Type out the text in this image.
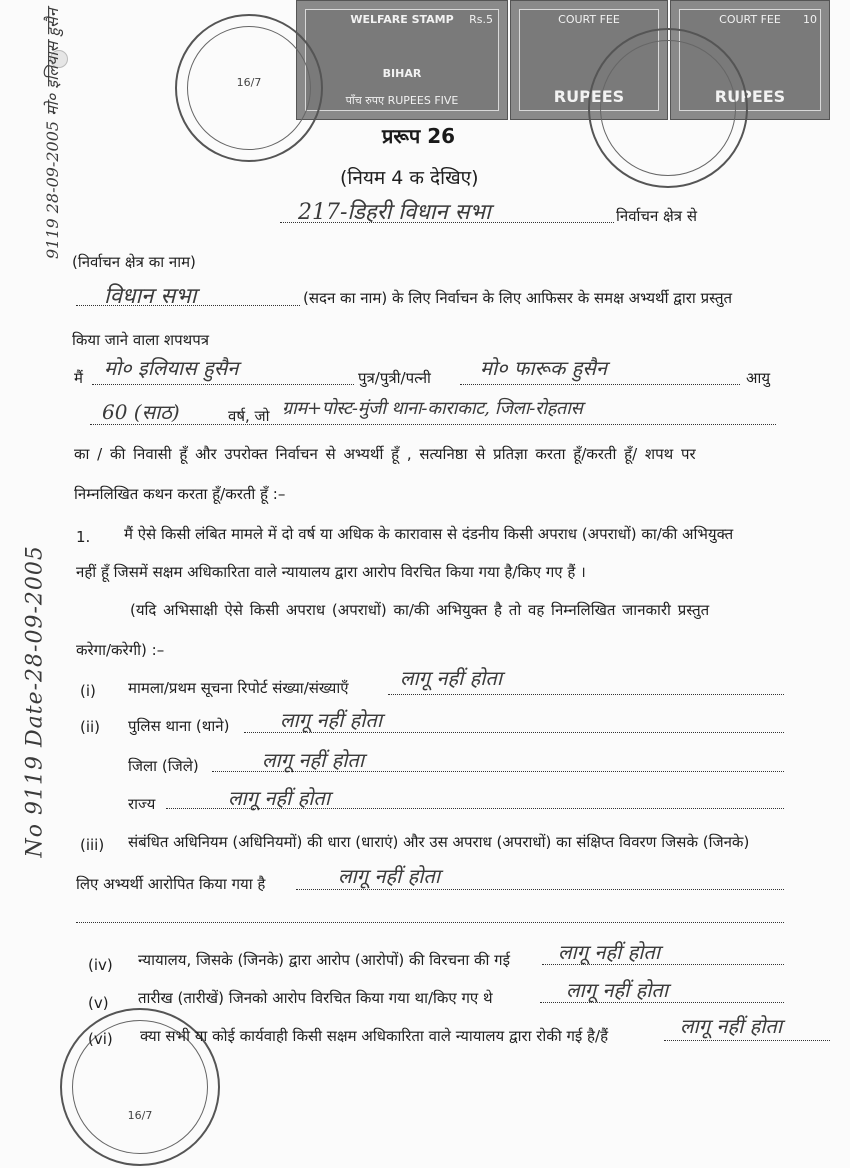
WELFARE STAMP	Rs.5
BIHAR
पाँच रुपए RUPEES FIVE
COURT FEE
RUPEES
COURT FEE	10
RUPEES
16/7
16/7
9119 28-09-2005 मो० इलियास हुसैन
No 9119 Date-28-09-2005
प्ररूप 26
(नियम 4 क देखिए)
217-डिहरी विधान सभा	निर्वाचन क्षेत्र से
(निर्वाचन क्षेत्र का नाम)
विधान सभा	(सदन का नाम) के लिए निर्वाचन के लिए आफिसर के समक्ष अभ्यर्थी द्वारा प्रस्तुत
किया जाने वाला शपथपत्र
मैं मो० इलियास हुसैन	पुत्र/पुत्री/पत्नी मो० फारूक हुसैन	आयु
60 (साठ)	वर्ष, जो ग्राम+पोस्ट-मुंजी थाना-काराकाट, जिला-रोहतास
का / की निवासी हूँ और उपरोक्त निर्वाचन से अभ्यर्थी हूँ , सत्यनिष्ठा से प्रतिज्ञा करता हूँ/करती हूँ/ शपथ पर
निम्नलिखित कथन करता हूँ/करती हूँ :–
1. मैं ऐसे किसी लंबित मामले में दो वर्ष या अधिक के कारावास से दंडनीय किसी अपराध (अपराधों) का/की अभियुक्त
नहीं हूँ जिसमें सक्षम अधिकारिता वाले न्यायालय द्वारा आरोप विरचित किया गया है/किए गए हैं ।
(यदि अभिसाक्षी ऐसे किसी अपराध (अपराधों) का/की अभियुक्त है तो वह निम्नलिखित जानकारी प्रस्तुत
करेगा/करेगी) :–
(i) मामला/प्रथम सूचना रिपोर्ट संख्या/संख्याएँ	लागू नहीं होता
(ii) पुलिस थाना (थाने)	लागू नहीं होता
जिला (जिले)	लागू नहीं होता
राज्य	लागू नहीं होता
(iii) संबंधित अधिनियम (अधिनियमों) की धारा (धाराएं) और उस अपराध (अपराधों) का संक्षिप्त विवरण जिसके (जिनके)
लिए अभ्यर्थी आरोपित किया गया है	लागू नहीं होता
(iv) न्यायालय, जिसके (जिनके) द्वारा आरोप (आरोपों) की विरचना की गई लागू नहीं होता
(v) तारीख (तारीखें) जिनको आरोप विरचित किया गया था/किए गए थे	लागू नहीं होता
(vi) क्या सभी या कोई कार्यवाही किसी सक्षम अधिकारिता वाले न्यायालय द्वारा रोकी गई है/हैं	लागू नहीं होता
